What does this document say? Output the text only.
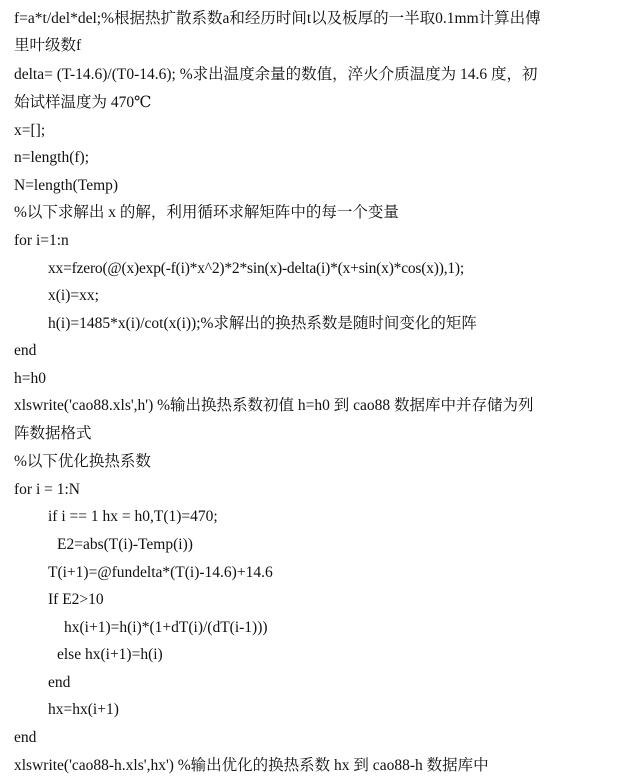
f=a*t/del*del;%根据热扩散系数a和经历时间t以及板厚的一半取0.1mm计算出傅
里叶级数f
delta= (T-14.6)/(T0-14.6); %求出温度余量的数值，淬火介质温度为 14.6 度，初
始试样温度为 470℃
x=[];
n=length(f);
N=length(Temp)
%以下求解出 x 的解，利用循环求解矩阵中的每一个变量
for i=1:n
xx=fzero(@(x)exp(-f(i)*x^2)*2*sin(x)-delta(i)*(x+sin(x)*cos(x)),1);
x(i)=xx;
h(i)=1485*x(i)/cot(x(i));%求解出的换热系数是随时间变化的矩阵
end
h=h0
xlswrite('cao88.xls',h') %输出换热系数初值 h=h0 到 cao88 数据库中并存储为列
阵数据格式
%以下优化换热系数
for i = 1:N
if i == 1 hx = h0,T(1)=470;
E2=abs(T(i)-Temp(i))
T(i+1)=@fundelta*(T(i)-14.6)+14.6
If E2>10
hx(i+1)=h(i)*(1+dT(i)/(dT(i-1)))
else hx(i+1)=h(i)
end
hx=hx(i+1)
end
xlswrite('cao88-h.xls',hx') %输出优化的换热系数 hx 到 cao88-h 数据库中
